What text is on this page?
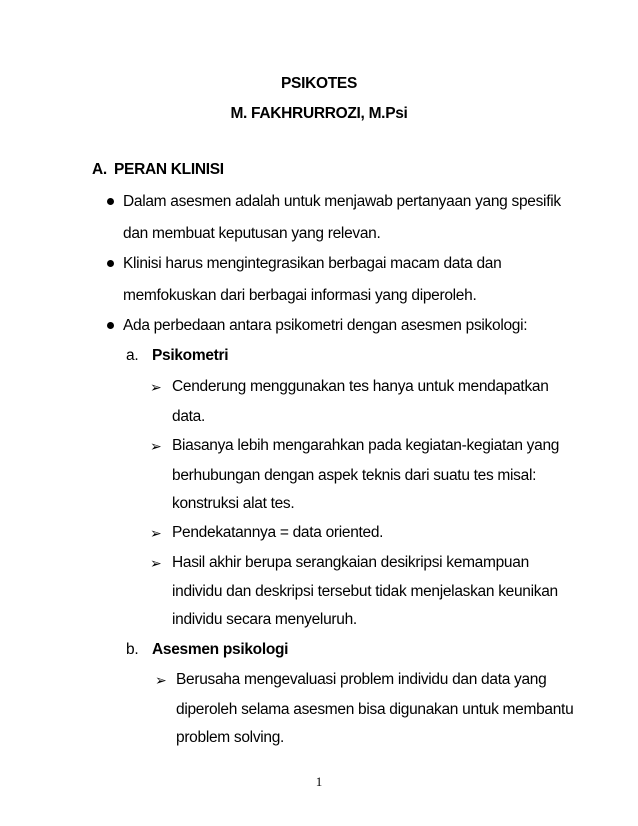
PSIKOTES
M. FAKHRURROZI, M.Psi
A. PERAN KLINISI
Dalam asesmen adalah untuk menjawab pertanyaan yang spesifik
dan membuat keputusan yang relevan.
Klinisi harus mengintegrasikan berbagai macam data dan
memfokuskan dari berbagai informasi yang diperoleh.
Ada perbedaan antara psikometri dengan asesmen psikologi:
a. Psikometri
➢ Cenderung menggunakan tes hanya untuk mendapatkan
data.
➢ Biasanya lebih mengarahkan pada kegiatan-kegiatan yang
berhubungan dengan aspek teknis dari suatu tes misal:
konstruksi alat tes.
➢ Pendekatannya = data oriented.
➢ Hasil akhir berupa serangkaian desikripsi kemampuan
individu dan deskripsi tersebut tidak menjelaskan keunikan
individu secara menyeluruh.
b. Asesmen psikologi
➢ Berusaha mengevaluasi problem individu dan data yang
diperoleh selama asesmen bisa digunakan untuk membantu
problem solving.
1
